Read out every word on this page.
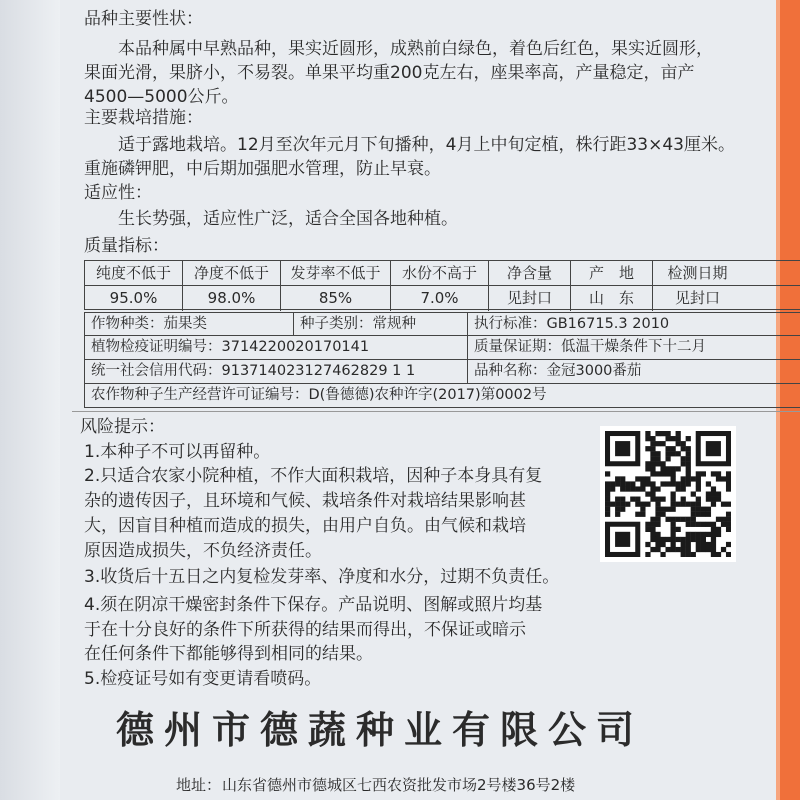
品种主要性状：
本品种属中早熟品种，果实近圆形，成熟前白绿色，着色后红色，果实近圆形，
果面光滑，果脐小，不易裂。单果平均重200克左右，座果率高，产量稳定，亩产
4500—5000公斤。
主要栽培措施：
适于露地栽培。12月至次年元月下旬播种，4月上中旬定植，株行距33×43厘米。
重施磷钾肥，中后期加强肥水管理，防止早衰。
适应性：
生长势强，适应性广泛，适合全国各地种植。
质量指标：
纯度不低于	净度不低于	发芽率不低于	水份不高于	净含量	产　地	检测日期
95.0%	98.0%	85%	7.0%	见封口	山　东	见封口
作物种类：茄果类	种子类别：常规种	执行标准：GB16715.3 2010
植物检疫证明编号：3714220020170141	质量保证期：低温干燥条件下十二月
统一社会信用代码：913714023127462829 1 1	品种名称：金冠3000番茄
农作物种子生产经营许可证编号：D(鲁德德)农种许字(2017)第0002号
风险提示：
1.本种子不可以再留种。
2.只适合农家小院种植，不作大面积栽培，因种子本身具有复
杂的遗传因子，且环境和气候、栽培条件对栽培结果影响甚
大，因盲目种植而造成的损失，由用户自负。由气候和栽培
原因造成损失，不负经济责任。
3.收货后十五日之内复检发芽率、净度和水分，过期不负责任。
4.须在阴凉干燥密封条件下保存。产品说明、图解或照片均基
于在十分良好的条件下所获得的结果而得出，不保证或暗示
在任何条件下都能够得到相同的结果。
5.检疫证号如有变更请看喷码。
德州市德蔬种业有限公司
地址： 山东省德州市德城区七西农资批发市场2号楼36号2楼
